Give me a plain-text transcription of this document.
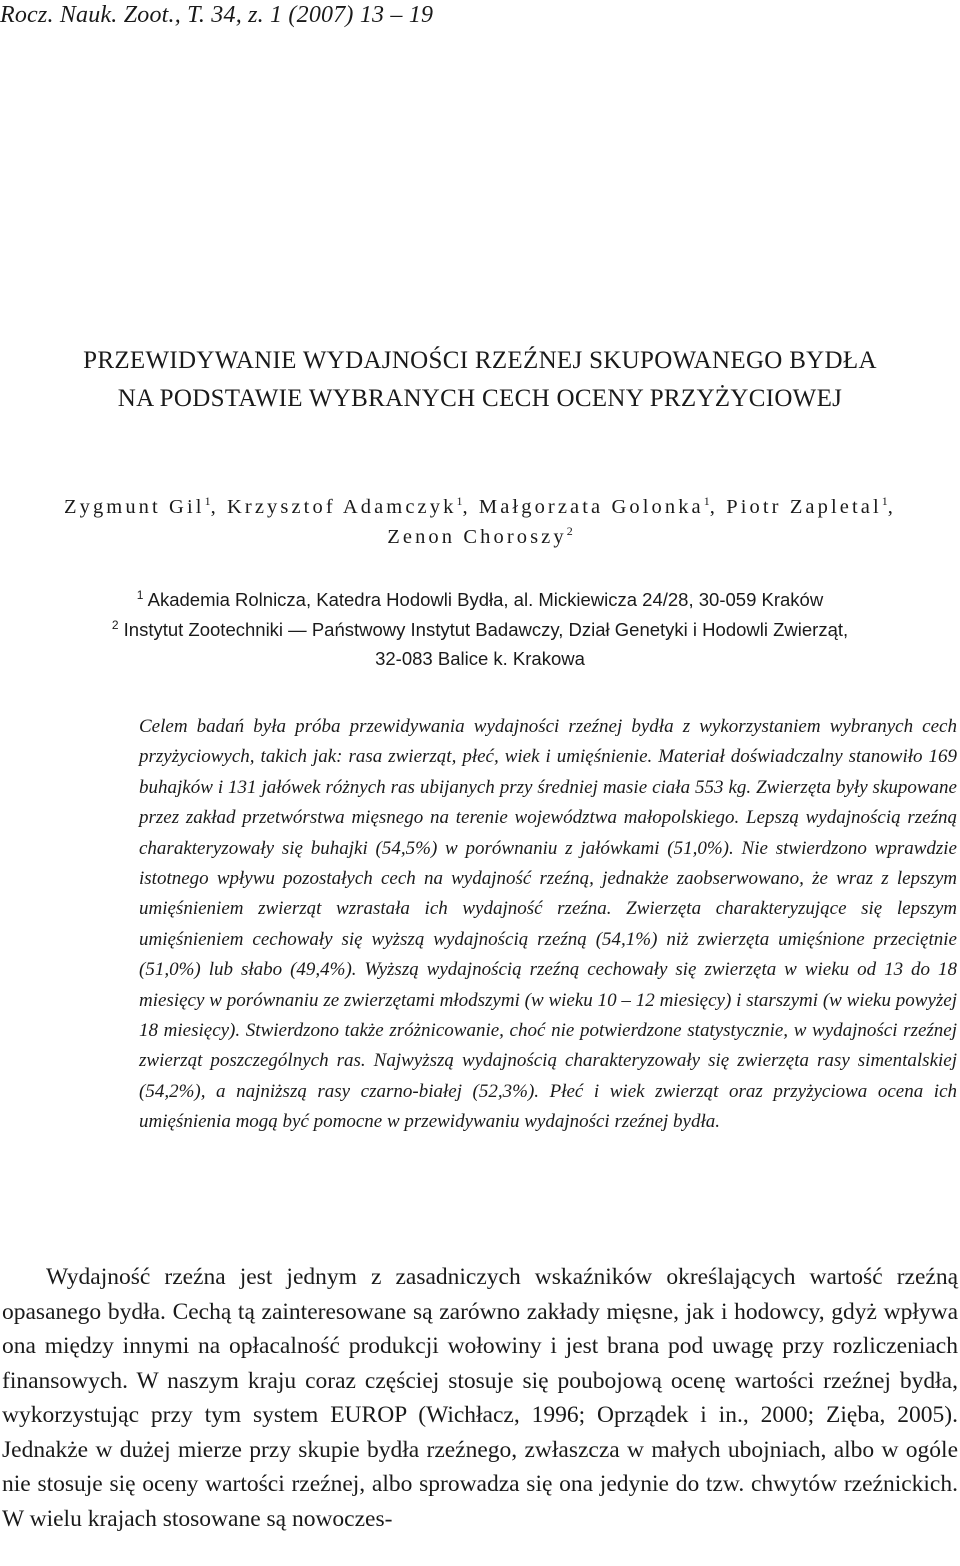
Rocz. Nauk. Zoot., T. 34, z. 1 (2007) 13 – 19
PRZEWIDYWANIE WYDAJNOŚCI RZEŹNEJ SKUPOWANEGO BYDŁA
NA PODSTAWIE WYBRANYCH CECH OCENY PRZYŻYCIOWEJ
Zygmunt Gil$^1$, Krzysztof Adamczyk$^1$, Małgorzata Golonka$^1$, Piotr Zapletal$^1$,
Zenon Choroszy$^2$
$^1$ Akademia Rolnicza, Katedra Hodowli Bydła, al. Mickiewicza 24/28, 30-059 Kraków
$^2$ Instytut Zootechniki — Państwowy Instytut Badawczy, Dział Genetyki i Hodowli Zwierząt,
32-083 Balice k. Krakowa
Celem badań była próba przewidywania wydajności rzeźnej bydła z wykorzystaniem wybranych cech przyżyciowych, takich jak: rasa zwierząt, płeć, wiek i umięśnienie. Materiał doświadczalny stanowiło 169 buhajków i 131 jałówek różnych ras ubijanych przy średniej masie ciała 553 kg. Zwierzęta były skupowane przez zakład przetwórstwa mięsnego na terenie województwa małopolskiego. Lepszą wydajnością rzeźną charakteryzowały się buhajki (54,5%) w porównaniu z jałówkami (51,0%). Nie stwierdzono wprawdzie istotnego wpływu pozostałych cech na wydajność rzeźną, jednakże zaobserwowano, że wraz z lepszym umięśnieniem zwierząt wzrastała ich wydajność rzeźna. Zwierzęta charakteryzujące się lepszym umięśnieniem cechowały się wyższą wydajnością rzeźną (54,1%) niż zwierzęta umięśnione przeciętnie (51,0%) lub słabo (49,4%). Wyższą wydajnością rzeźną cechowały się zwierzęta w wieku od 13 do 18 miesięcy w porównaniu ze zwierzętami młodszymi (w wieku 10 – 12 miesięcy) i starszymi (w wieku powyżej 18 miesięcy). Stwierdzono także zróżnicowanie, choć nie potwierdzone statystycznie, w wydajności rzeźnej zwierząt poszczególnych ras. Najwyższą wydajnością charakteryzowały się zwierzęta rasy simentalskiej (54,2%), a najniższą rasy czarno-białej (52,3%). Płeć i wiek zwierząt oraz przyżyciowa ocena ich umięśnienia mogą być pomocne w przewidywaniu wydajności rzeźnej bydła.
Wydajność rzeźna jest jednym z zasadniczych wskaźników określających wartość rzeźną opasanego bydła. Cechą tą zainteresowane są zarówno zakłady mięsne, jak i hodowcy, gdyż wpływa ona między innymi na opłacalność produkcji wołowiny i jest brana pod uwagę przy rozliczeniach finansowych. W naszym kraju coraz częściej stosuje się poubojową ocenę wartości rzeźnej bydła, wykorzystując przy tym system EUROP (Wichłacz, 1996; Oprządek i in., 2000; Zięba, 2005). Jednakże w dużej mierze przy skupie bydła rzeźnego, zwłaszcza w małych ubojniach, albo w ogóle nie stosuje się oceny wartości rzeźnej, albo sprowadza się ona jedynie do tzw. chwytów rzeźnickich. W wielu krajach stosowane są nowoczes-
